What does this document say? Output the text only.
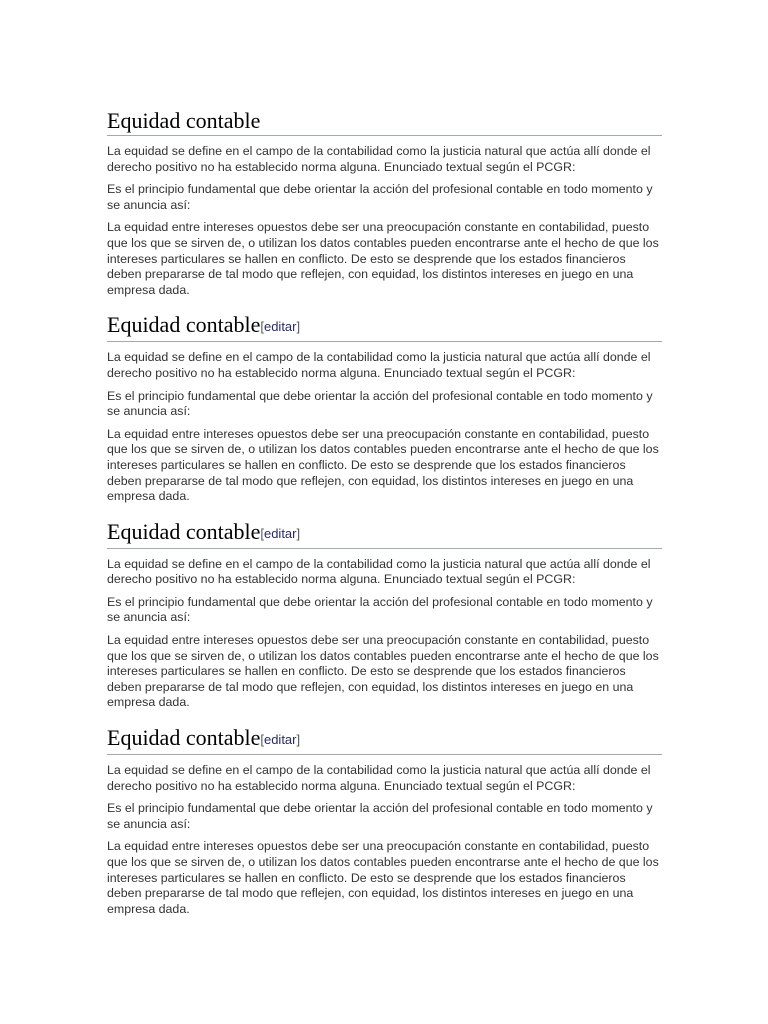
Equidad contable

La equidad se define en el campo de la contabilidad como la justicia natural que actúa allí donde el derecho positivo no ha establecido norma alguna. Enunciado textual según el PCGR:

Es el principio fundamental que debe orientar la acción del profesional contable en todo momento y se anuncia así:

La equidad entre intereses opuestos debe ser una preocupación constante en contabilidad, puesto que los que se sirven de, o utilizan los datos contables pueden encontrarse ante el hecho de que los intereses particulares se hallen en conflicto. De esto se desprende que los estados financieros deben prepararse de tal modo que reflejen, con equidad, los distintos intereses en juego en una empresa dada.

Equidad contable[editar]

La equidad se define en el campo de la contabilidad como la justicia natural que actúa allí donde el derecho positivo no ha establecido norma alguna. Enunciado textual según el PCGR:

Es el principio fundamental que debe orientar la acción del profesional contable en todo momento y se anuncia así:

La equidad entre intereses opuestos debe ser una preocupación constante en contabilidad, puesto que los que se sirven de, o utilizan los datos contables pueden encontrarse ante el hecho de que los intereses particulares se hallen en conflicto. De esto se desprende que los estados financieros deben prepararse de tal modo que reflejen, con equidad, los distintos intereses en juego en una empresa dada.

Equidad contable[editar]

La equidad se define en el campo de la contabilidad como la justicia natural que actúa allí donde el derecho positivo no ha establecido norma alguna. Enunciado textual según el PCGR:

Es el principio fundamental que debe orientar la acción del profesional contable en todo momento y se anuncia así:

La equidad entre intereses opuestos debe ser una preocupación constante en contabilidad, puesto que los que se sirven de, o utilizan los datos contables pueden encontrarse ante el hecho de que los intereses particulares se hallen en conflicto. De esto se desprende que los estados financieros deben prepararse de tal modo que reflejen, con equidad, los distintos intereses en juego en una empresa dada.

Equidad contable[editar]

La equidad se define en el campo de la contabilidad como la justicia natural que actúa allí donde el derecho positivo no ha establecido norma alguna. Enunciado textual según el PCGR:

Es el principio fundamental que debe orientar la acción del profesional contable en todo momento y se anuncia así:

La equidad entre intereses opuestos debe ser una preocupación constante en contabilidad, puesto que los que se sirven de, o utilizan los datos contables pueden encontrarse ante el hecho de que los intereses particulares se hallen en conflicto. De esto se desprende que los estados financieros deben prepararse de tal modo que reflejen, con equidad, los distintos intereses en juego en una empresa dada.
